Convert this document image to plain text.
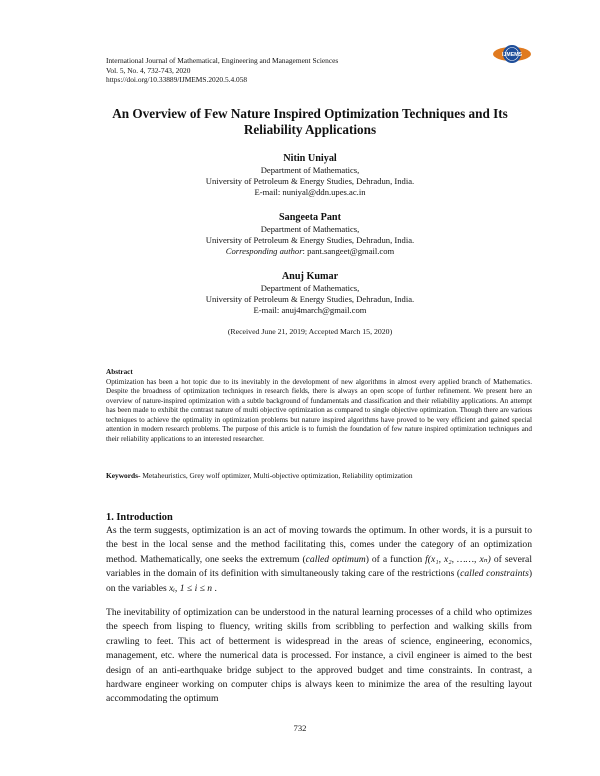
International Journal of Mathematical, Engineering and Management Sciences
Vol. 5, No. 4, 732-743, 2020
https://doi.org/10.33889/IJMEMS.2020.5.4.058
IJMEMS
An Overview of Few Nature Inspired Optimization Techniques and Its
Reliability Applications
Nitin Uniyal
Department of Mathematics,
University of Petroleum & Energy Studies, Dehradun, India.
E-mail: nuniyal@ddn.upes.ac.in
Sangeeta Pant
Department of Mathematics,
University of Petroleum & Energy Studies, Dehradun, India.
Corresponding author: pant.sangeet@gmail.com
Anuj Kumar
Department of Mathematics,
University of Petroleum & Energy Studies, Dehradun, India.
E-mail: anuj4march@gmail.com
(Received June 21, 2019; Accepted March 15, 2020)
Abstract
Optimization has been a hot topic due to its inevitably in the development of new algorithms in almost every applied branch of Mathematics. Despite the broadness of optimization techniques in research fields, there is always an open scope of further refinement. We present here an overview of nature-inspired optimization with a subtle background of fundamentals and classification and their reliability applications. An attempt has been made to exhibit the contrast nature of multi objective optimization as compared to single objective optimization. Though there are various techniques to achieve the optimality in optimization problems but nature inspired algorithms have proved to be very efficient and gained special attention in modern research problems. The purpose of this article is to furnish the foundation of few nature inspired optimization techniques and their reliability applications to an interested researcher.
Keywords- Metaheuristics, Grey wolf optimizer, Multi-objective optimization, Reliability optimization
1. Introduction
As the term suggests, optimization is an act of moving towards the optimum. In other words, it is a pursuit to the best in the local sense and the method facilitating this, comes under the category of an optimization method. Mathematically, one seeks the extremum (called optimum) of a function f(x₁, x₂, ……, xₙ) of several variables in the domain of its definition with simultaneously taking care of the restrictions (called constraints) on the variables xᵢ, 1 ≤ i ≤ n .
The inevitability of optimization can be understood in the natural learning processes of a child who optimizes the speech from lisping to fluency, writing skills from scribbling to perfection and walking skills from crawling to feet. This act of betterment is widespread in the areas of science, engineering, economics, management, etc. where the numerical data is processed. For instance, a civil engineer is aimed to the best design of an anti-earthquake bridge subject to the approved budget and time constraints. In contrast, a hardware engineer working on computer chips is always keen to minimize the area of the resulting layout accommodating the optimum
732
